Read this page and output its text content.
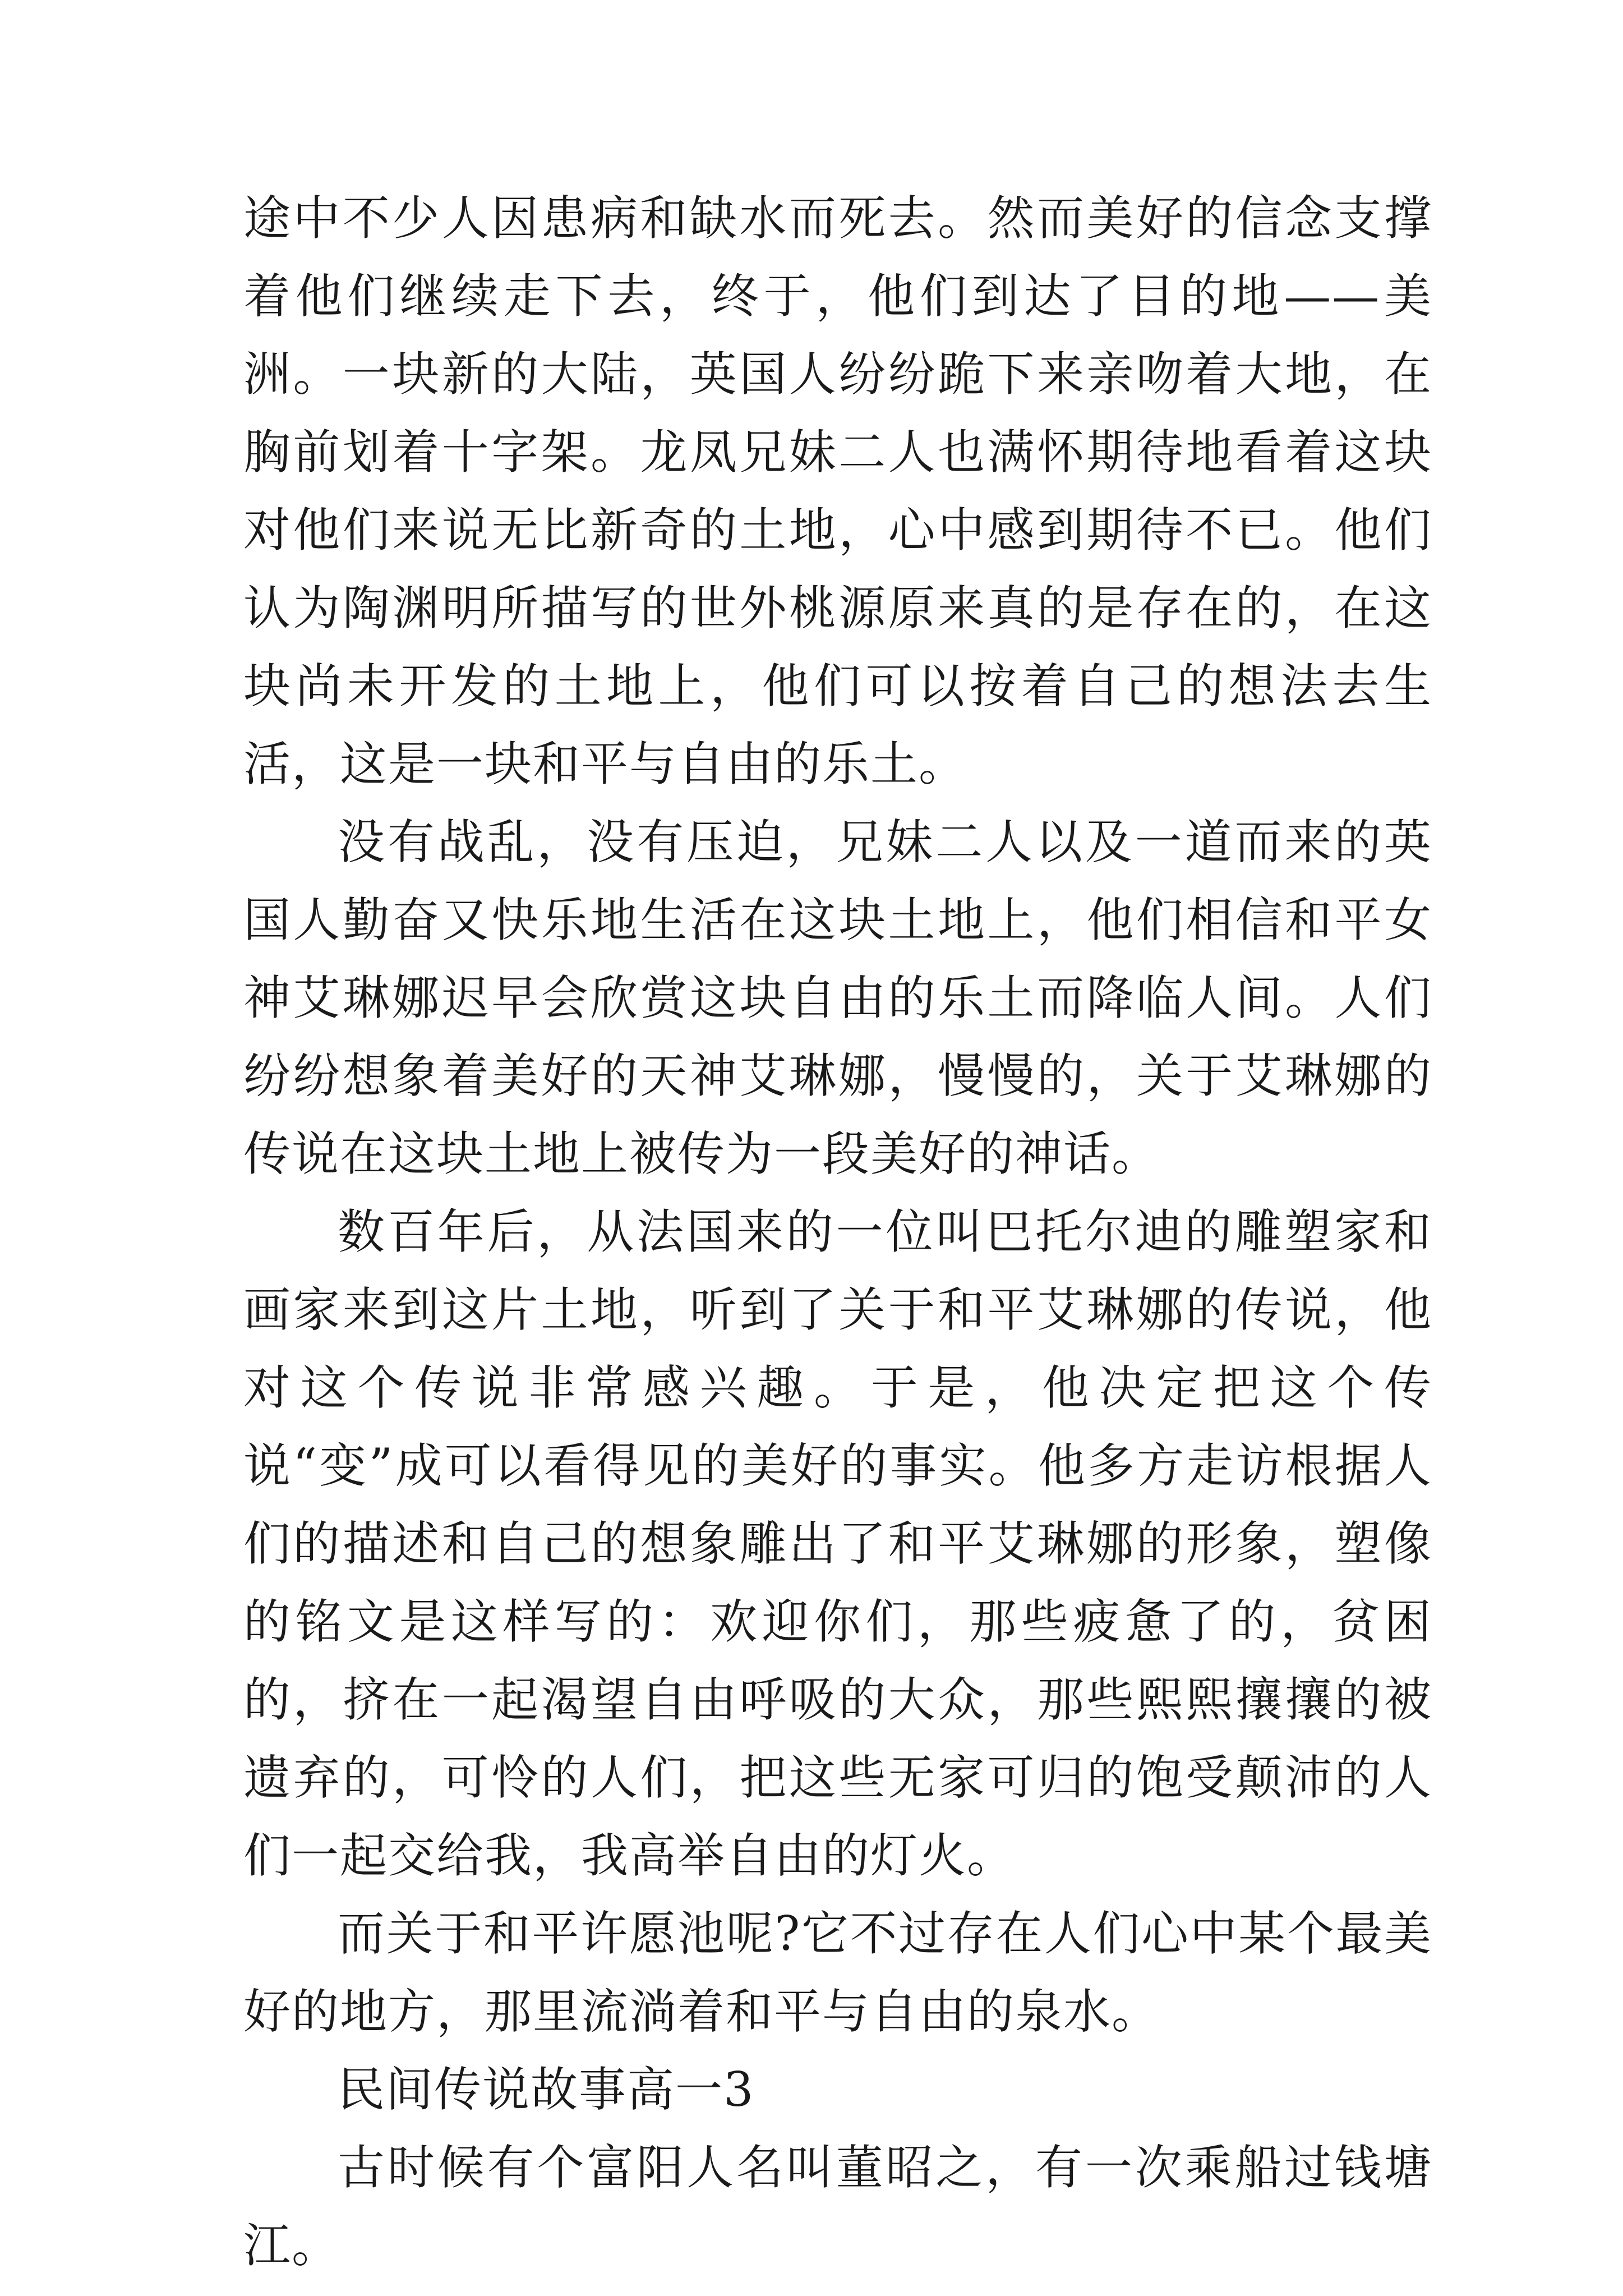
途中不少人因患病和缺水而死去。然而美好的信念支撑着他们继续走下去，终于，他们到达了目的地——美洲。一块新的大陆，英国人纷纷跪下来亲吻着大地，在胸前划着十字架。龙凤兄妹二人也满怀期待地看着这块对他们来说无比新奇的土地，心中感到期待不已。他们认为陶渊明所描写的世外桃源原来真的是存在的，在这块尚未开发的土地上，他们可以按着自己的想法去生活，这是一块和平与自由的乐土。

没有战乱，没有压迫，兄妹二人以及一道而来的英国人勤奋又快乐地生活在这块土地上，他们相信和平女神艾琳娜迟早会欣赏这块自由的乐土而降临人间。人们纷纷想象着美好的天神艾琳娜，慢慢的，关于艾琳娜的传说在这块土地上被传为一段美好的神话。

数百年后，从法国来的一位叫巴托尔迪的雕塑家和画家来到这片土地，听到了关于和平艾琳娜的传说，他对这个传说非常感兴趣。于是，他决定把这个传说“变”成可以看得见的美好的事实。他多方走访根据人们的描述和自己的想象雕出了和平艾琳娜的形象，塑像的铭文是这样写的：欢迎你们，那些疲惫了的，贫困的，挤在一起渴望自由呼吸的大众，那些熙熙攘攘的被遗弃的，可怜的人们，把这些无家可归的饱受颠沛的人们一起交给我，我高举自由的灯火。

而关于和平许愿池呢?它不过存在人们心中某个最美好的地方，那里流淌着和平与自由的泉水。

民间传说故事高一3

古时候有个富阳人名叫董昭之，有一次乘船过钱塘江。
